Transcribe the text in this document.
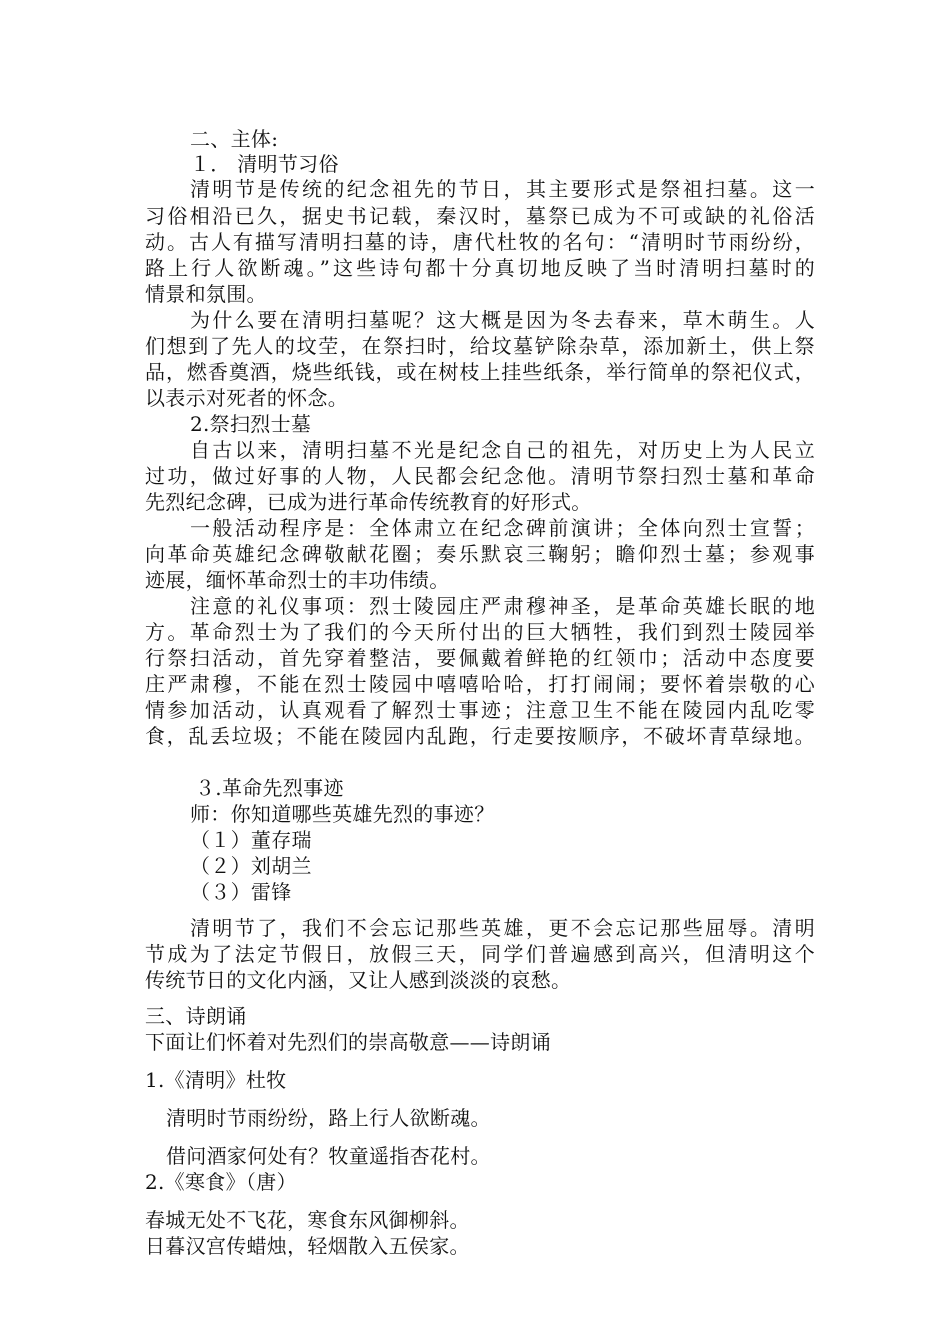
二、主体:
１． 清明节习俗
清明节是传统的纪念祖先的节日，其主要形式是祭祖扫墓。这一
习俗相沿已久，据史书记载，秦汉时，墓祭已成为不可或缺的礼俗活
动。古人有描写清明扫墓的诗，唐代杜牧的名句：“清明时节雨纷纷，
路上行人欲断魂。”这些诗句都十分真切地反映了当时清明扫墓时的
情景和氛围。
为什么要在清明扫墓呢？这大概是因为冬去春来，草木萌生。人
们想到了先人的坟茔，在祭扫时，给坟墓铲除杂草，添加新土，供上祭
品，燃香奠酒，烧些纸钱，或在树枝上挂些纸条，举行简单的祭祀仪式，
以表示对死者的怀念。
2.祭扫烈士墓
自古以来，清明扫墓不光是纪念自己的祖先，对历史上为人民立
过功，做过好事的人物，人民都会纪念他。清明节祭扫烈士墓和革命
先烈纪念碑，已成为进行革命传统教育的好形式。
一般活动程序是：全体肃立在纪念碑前演讲；全体向烈士宣誓；
向革命英雄纪念碑敬献花圈；奏乐默哀三鞠躬；瞻仰烈士墓；参观事
迹展，缅怀革命烈士的丰功伟绩。
注意的礼仪事项：烈士陵园庄严肃穆神圣，是革命英雄长眠的地
方。革命烈士为了我们的今天所付出的巨大牺牲，我们到烈士陵园举
行祭扫活动，首先穿着整洁，要佩戴着鲜艳的红领巾；活动中态度要
庄严肃穆，不能在烈士陵园中嘻嘻哈哈，打打闹闹；要怀着崇敬的心
情参加活动，认真观看了解烈士事迹；注意卫生不能在陵园内乱吃零
食，乱丢垃圾；不能在陵园内乱跑，行走要按顺序，不破坏青草绿地。
３.革命先烈事迹
师：你知道哪些英雄先烈的事迹？
（１）董存瑞
（２）刘胡兰
（３）雷锋
清明节了，我们不会忘记那些英雄，更不会忘记那些屈辱。清明
节成为了法定节假日，放假三天，同学们普遍感到高兴，但清明这个
传统节日的文化内涵，又让人感到淡淡的哀愁。
三、诗朗诵
下面让们怀着对先烈们的崇高敬意——诗朗诵
1.《清明》杜牧
清明时节雨纷纷，路上行人欲断魂。
借问酒家何处有？牧童遥指杏花村。
2.《寒食》（唐）
春城无处不飞花，寒食东风御柳斜。
日暮汉宫传蜡烛，轻烟散入五侯家。
